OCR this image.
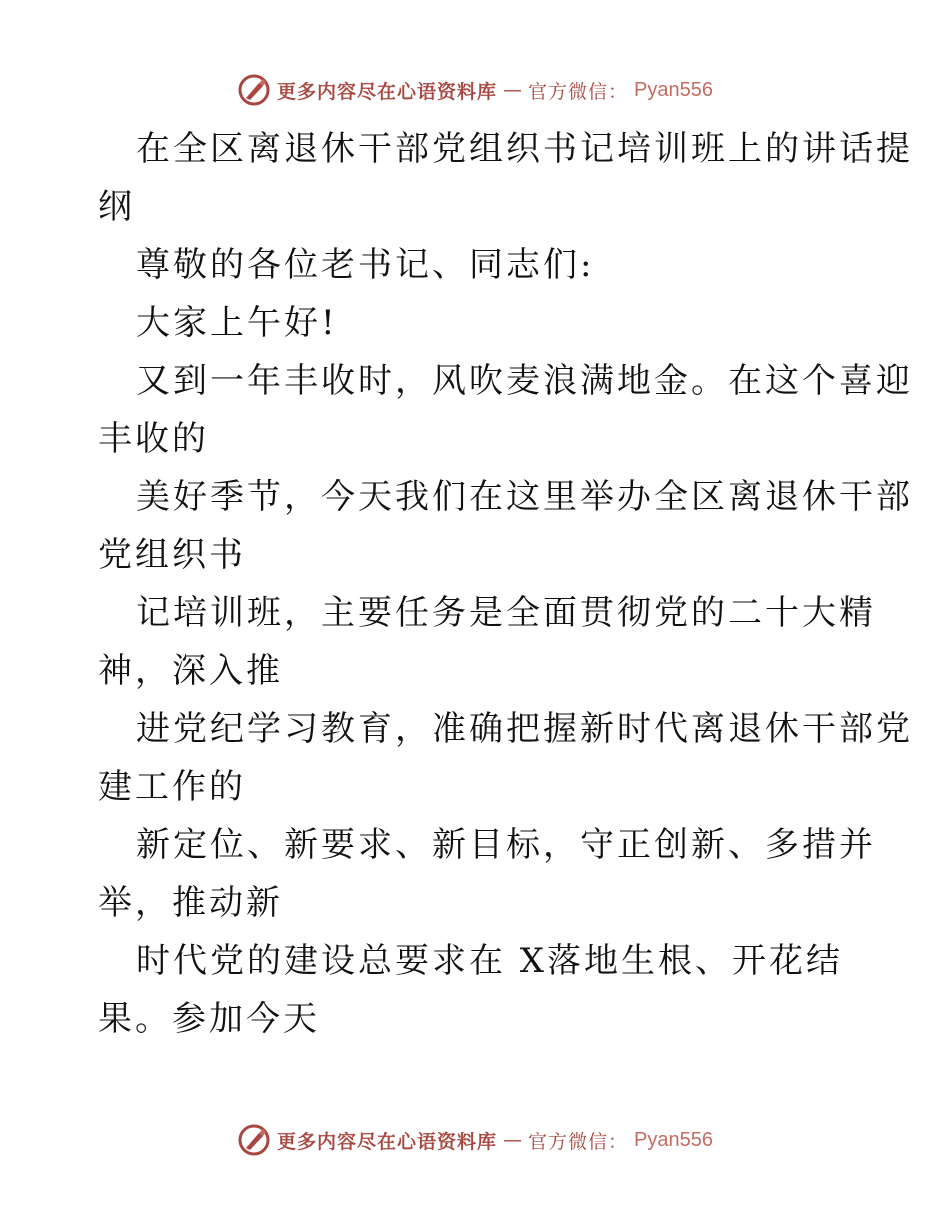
更多内容尽在心语资料库 — 官方微信： Pyan556
在全区离退休干部党组织书记培训班上的讲话提
纲
尊敬的各位老书记、同志们:
大家上午好!
又到一年丰收时，风吹麦浪满地金。在这个喜迎
丰收的
美好季节，今天我们在这里举办全区离退休干部
党组织书
记培训班，主要任务是全面贯彻党的二十大精
神，深入推
进党纪学习教育，准确把握新时代离退休干部党
建工作的
新定位、新要求、新目标，守正创新、多措并
举，推动新
时代党的建设总要求在 X落地生根、开花结
果。参加今天
更多内容尽在心语资料库 — 官方微信： Pyan556
